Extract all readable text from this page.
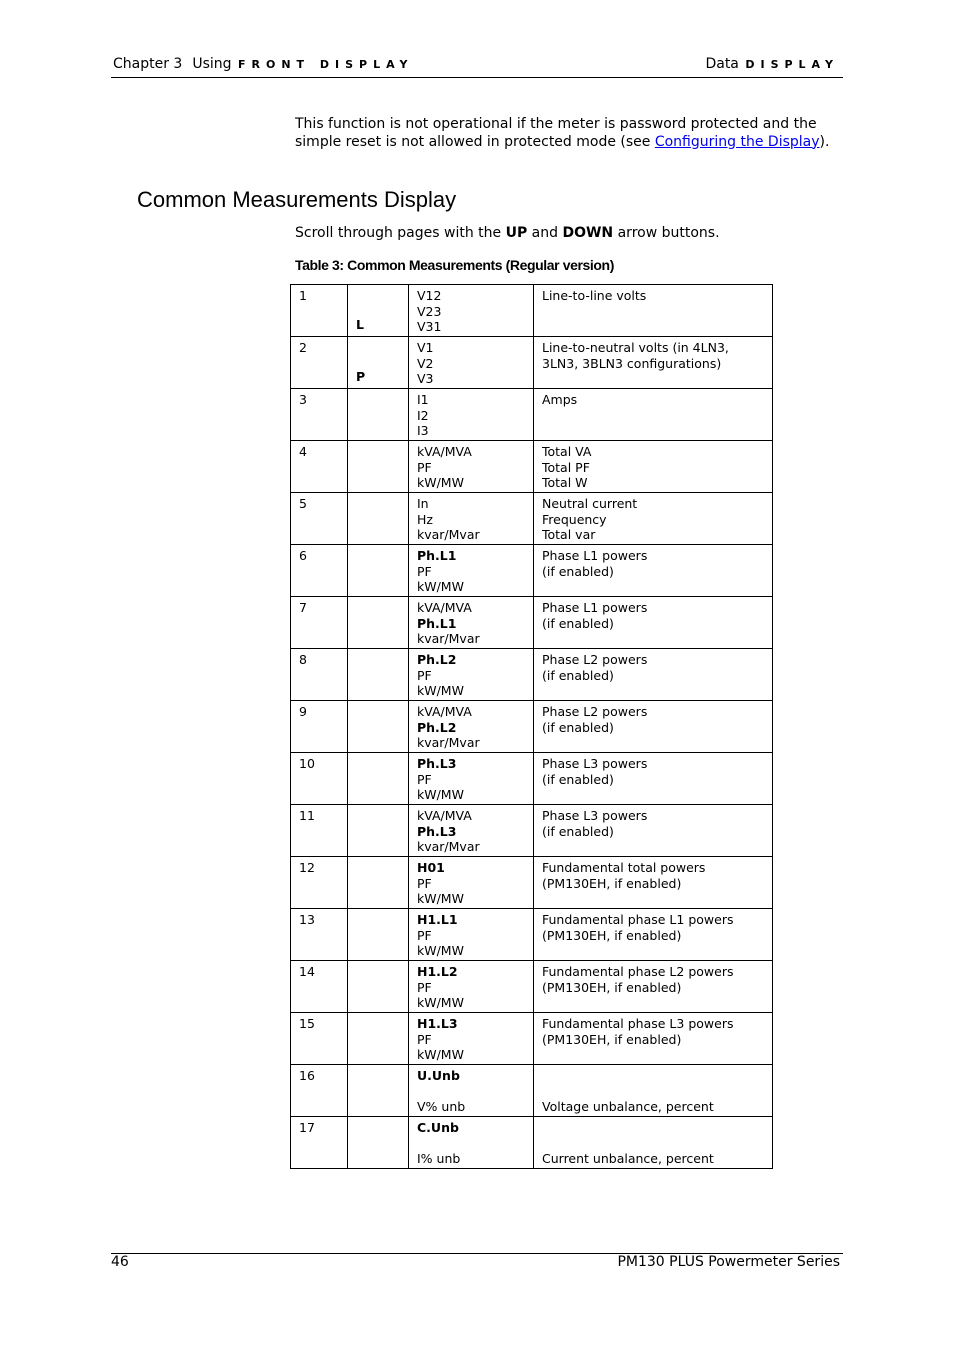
Chapter 3 Using FRONT DISPLAY	Data DISPLAY
This function is not operational if the meter is password protected and the simple reset is not allowed in protected mode (see Configuring the Display).
Common Measurements Display
Scroll through pages with the UP and DOWN arrow buttons.
Table 3: Common Measurements (Regular version)
1	L	V12
V23
V31	Line-to-line volts

2	P	V1
V2
V3	Line-to-neutral volts (in 4LN3,
3LN3, 3BLN3 configurations)

3		I1
I2
I3	Amps

4		kVA/MVA
PF
kW/MW	Total VA
Total PF
Total W

5		In
Hz
kvar/Mvar	Neutral current
Frequency
Total var

6		Ph.L1
PF
kW/MW	Phase L1 powers
(if enabled)

7		kVA/MVA
Ph.L1
kvar/Mvar	Phase L1 powers
(if enabled)

8		Ph.L2
PF
kW/MW	Phase L2 powers
(if enabled)

9		kVA/MVA
Ph.L2
kvar/Mvar	Phase L2 powers
(if enabled)

10		Ph.L3
PF
kW/MW	Phase L3 powers
(if enabled)

11		kVA/MVA
Ph.L3
kvar/Mvar	Phase L3 powers
(if enabled)

12		H01
PF
kW/MW	Fundamental total powers
(PM130EH, if enabled)

13		H1.L1
PF
kW/MW	Fundamental phase L1 powers
(PM130EH, if enabled)

14		H1.L2
PF
kW/MW	Fundamental phase L2 powers
(PM130EH, if enabled)

15		H1.L3
PF
kW/MW	Fundamental phase L3 powers
(PM130EH, if enabled)

16		U.Unb

V% unb	Voltage unbalance, percent

17		C.Unb

I% unb	Current unbalance, percent
46	PM130 PLUS Powermeter Series
